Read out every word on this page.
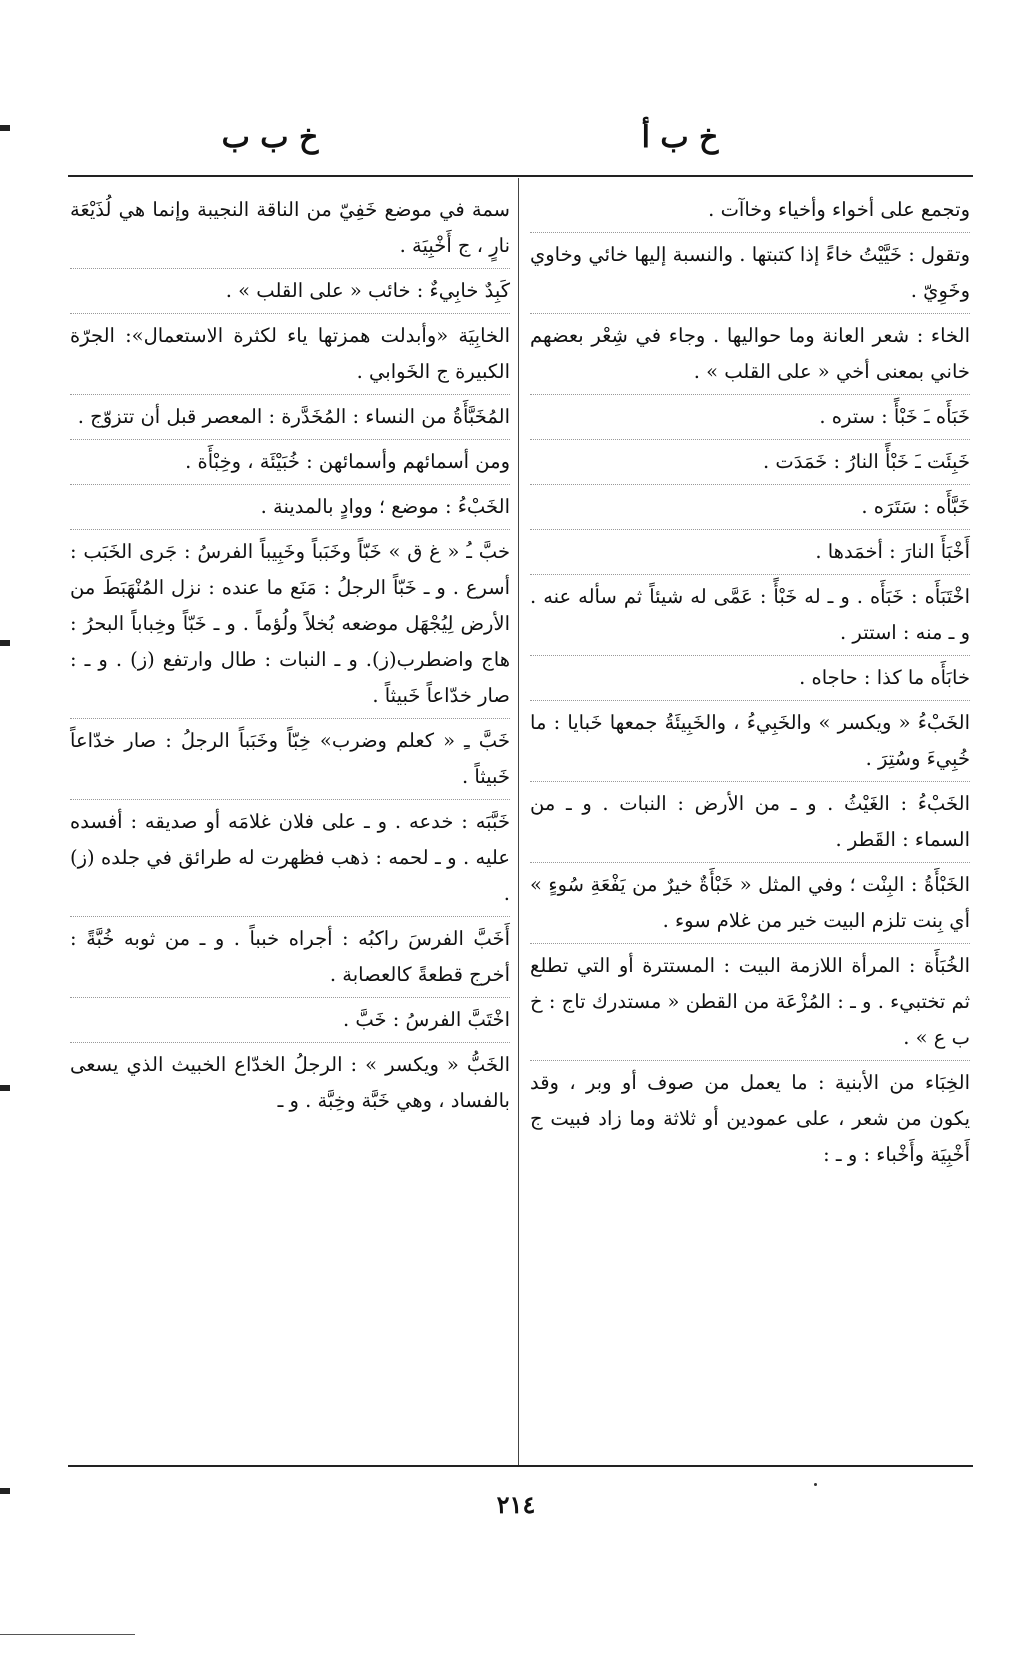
خ ب أ
خ ب ب

وتجمع على أخواء وأخياء وخاآت .

وتقول : خَيَّيْتُ خاءً إذا كتبتها . والنسبة إليها خائي وخاوي وخَوِيّ .

الخاء : شعر العانة وما حواليها . وجاء في شِعْر بعضهم خاني بمعنى أخي « على القلب » .

خَبَأَه ـَ خَبْأً : ستره .

خَبِئَت ـَ خَبْأً النارُ : خَمَدَت .

خَبَّأَه : سَتَرَه .

أَخْبَأَ النارَ : أخمَدها .

اخْتَبَأَه : خَبَأَه . و ـ له خَبْأً : عَمَّى له شيئاً ثم سأله عنه . و ـ منه : استتر .

خابَأَه ما كذا : حاجاه .

الخَبْءُ « ويكسر » والخَبِيءُ ، والخَبِيئَةُ جمعها خَبايا : ما خُبِيءَ وسُتِرَ .

الخَبْءُ : الغَيْثُ . و ـ من الأرض : النبات . و ـ من السماء : القَطر .

الخَبْأَةُ : البِنْت ؛ وفي المثل « خَبْأَةٌ خيرٌ من يَفْعَةِ سُوءٍ » أي بِنت تلزم البيت خير من غلام سوء .

الخُبَأَة : المرأة اللازمة البيت : المستترة أو التي تطلع ثم تختبيء . و ـ : المُزْعَة من القطن « مستدرك تاج : خ ب ع » .

الخِبَاء من الأبنية : ما يعمل من صوف أو وبر ، وقد يكون من شعر ، على عمودين أو ثلاثة وما زاد فبيت ج أَخْبِيَة وأَخْباء : و ـ :

سمة في موضع خَفِيّ من الناقة النجيبة وإنما هي لُذَيْعَة نارٍ ، ج أَخْبِيَة .

كَبِدٌ خابِيءٌ : خائب « على القلب » .

الخابِيَة «وأبدلت همزتها ياء لكثرة الاستعمال»: الجرّة الكبيرة ج الخَوابي .

المُخَبَّأَةُ من النساء : المُخَدَّرة : المعصر قبل أن تتزوّج .

ومن أسمائهم وأسمائهن : خُبَيْئَة ، وخِبْأَة .

الخَبْءُ : موضع ؛ ووادٍ بالمدينة .

خبَّ ـُ « غ ق » خَبّاً وخَبَباً وخَبِيباً الفرسُ : جَرى الخَبَب : أسرع . و ـ خَبّاً الرجلُ : مَنَع ما عنده : نزل المُنْهَبَطَ من الأرض لِيُجْهَل موضعه بُخلاً ولُؤماً . و ـ خَبّاً وخِباباً البحرُ : هاج واضطرب(ز). و ـ النبات : طال وارتفع (ز) . و ـ : صار خدّاعاً خَبيثاً .

خَبَّ ـِ « كعلم وضرب» خِبّاً وخَبَباً الرجلُ : صار خدّاعاً خَبيثاً .

خَبَّبَه : خدعه . و ـ على فلان غلامَه أو صديقه : أفسده عليه . و ـ لحمه : ذهب فظهرت له طرائق في جلده (ز) .

أَخَبَّ الفرسَ راكبُه : أجراه خبباً . و ـ من ثوبه خُبَّةً : أخرج قطعةً كالعصابة .

اخْتَبَّ الفرسُ : خَبَّ .

الخَبُّ « ويكسر » : الرجلُ الخدّاع الخبيث الذي يسعى بالفساد ، وهي خَبَّة وخِبَّة . و ـ

٢١٤
